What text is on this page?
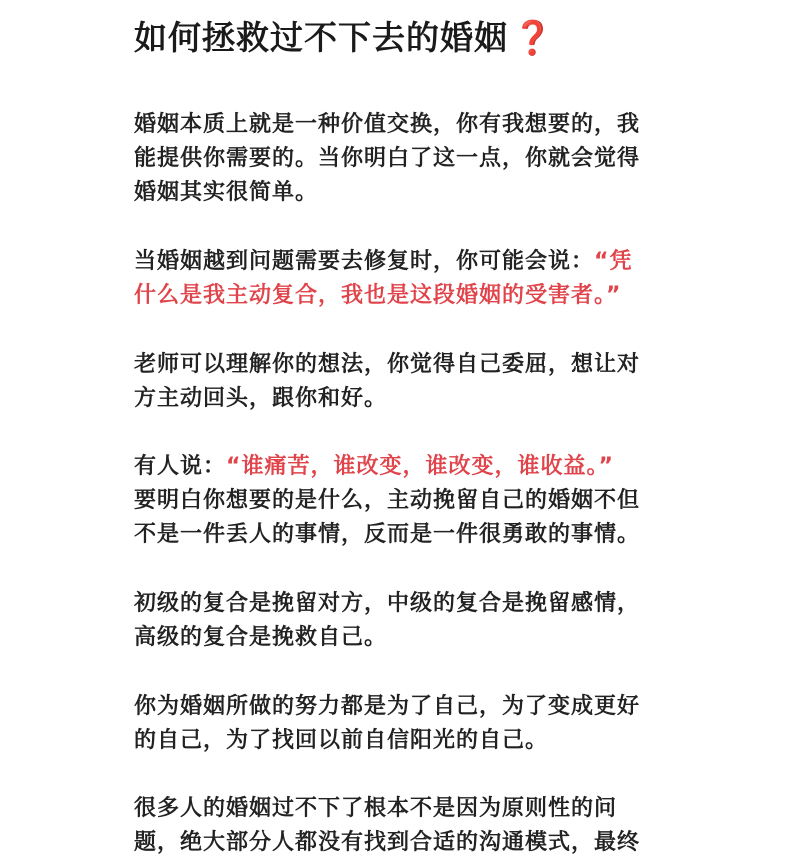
如何拯救过不下去的婚姻 ❓

婚姻本质上就是一种价值交换，你有我想要的，我
能提供你需要的。当你明白了这一点，你就会觉得
婚姻其实很简单。

当婚姻越到问题需要去修复时，你可能会说：“凭
什么是我主动复合，我也是这段婚姻的受害者。”

老师可以理解你的想法，你觉得自己委屈，想让对
方主动回头，跟你和好。

有人说：“谁痛苦，谁改变，谁改变，谁收益。”
要明白你想要的是什么，主动挽留自己的婚姻不但
不是一件丢人的事情，反而是一件很勇敢的事情。

初级的复合是挽留对方，中级的复合是挽留感情，
高级的复合是挽救自己。

你为婚姻所做的努力都是为了自己，为了变成更好
的自己，为了找回以前自信阳光的自己。

很多人的婚姻过不下了根本不是因为原则性的问
题，绝大部分人都没有找到合适的沟通模式，最终
